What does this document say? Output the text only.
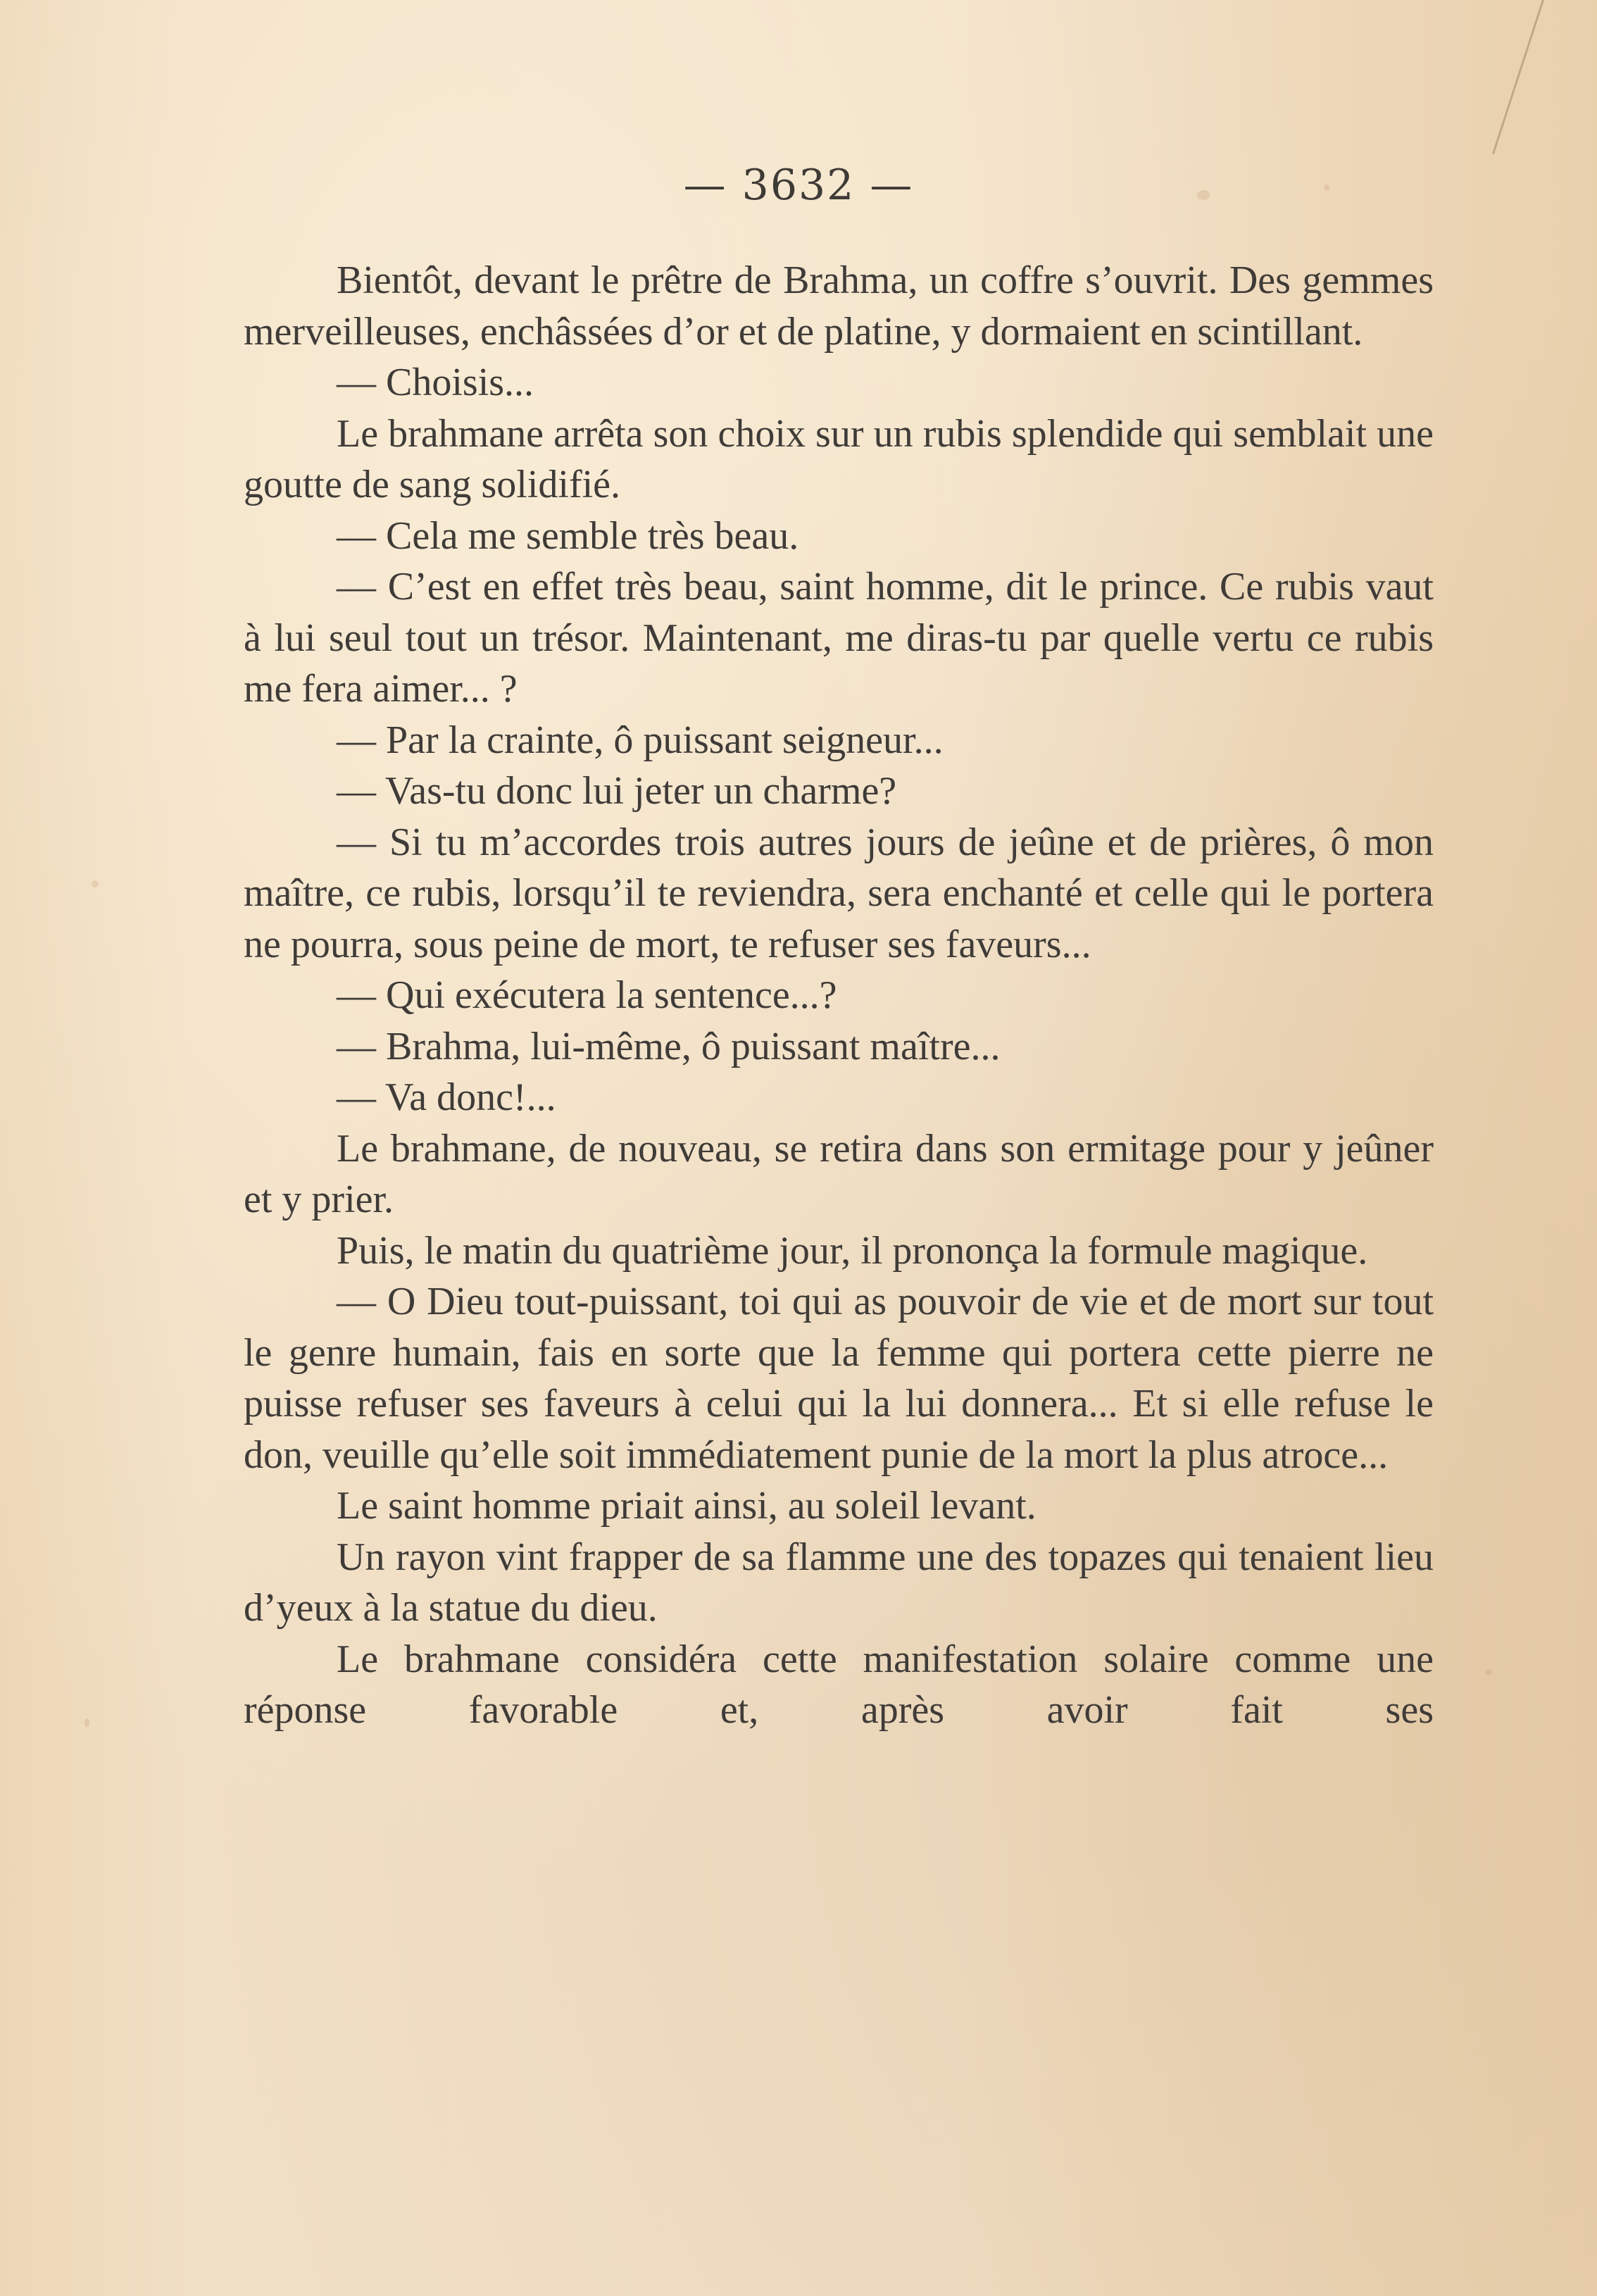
— 3632 —

Bientôt, devant le prêtre de Brahma, un coffre s’ouvrit. Des gemmes merveilleuses, enchâssées d’or et de platine, y dormaient en scintillant.

— Choisis...

Le brahmane arrêta son choix sur un rubis splendide qui semblait une goutte de sang solidifié.

— Cela me semble très beau.

— C’est en effet très beau, saint homme, dit le prince. Ce rubis vaut à lui seul tout un trésor. Maintenant, me diras-tu par quelle vertu ce rubis me fera aimer... ?

— Par la crainte, ô puissant seigneur...

— Vas-tu donc lui jeter un charme?

— Si tu m’accordes trois autres jours de jeûne et de prières, ô mon maître, ce rubis, lorsqu’il te reviendra, sera enchanté et celle qui le portera ne pourra, sous peine de mort, te refuser ses faveurs...

— Qui exécutera la sentence...?

— Brahma, lui-même, ô puissant maître...

— Va donc!...

Le brahmane, de nouveau, se retira dans son ermitage pour y jeûner et y prier.

Puis, le matin du quatrième jour, il prononça la formule magique.

— O Dieu tout-puissant, toi qui as pouvoir de vie et de mort sur tout le genre humain, fais en sorte que la femme qui portera cette pierre ne puisse refuser ses faveurs à celui qui la lui donnera... Et si elle refuse le don, veuille qu’elle soit immédiatement punie de la mort la plus atroce...

Le saint homme priait ainsi, au soleil levant.

Un rayon vint frapper de sa flamme une des topazes qui tenaient lieu d’yeux à la statue du dieu.

Le brahmane considéra cette manifestation solaire comme une réponse favorable et, après avoir fait ses
